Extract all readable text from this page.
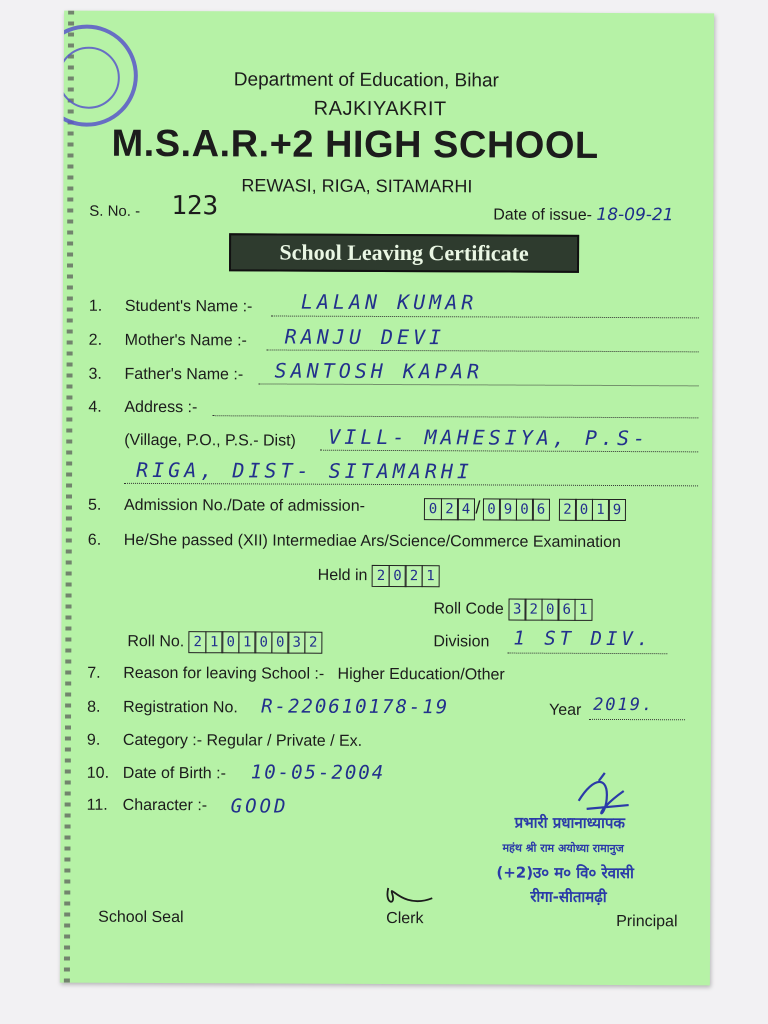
Department of Education, Bihar
RAJKIYAKRIT
M.S.A.R.+2 HIGH SCHOOL
REWASI, RIGA, SITAMARHI
S. No. - 123	Date of issue- 18-09-21
School Leaving Certificate
1. Student's Name :-	LALAN KUMAR
2. Mother's Name :-	RANJU DEVI
3. Father's Name :-	SANTOSH KAPAR
4. Address :-
(Village, P.O., P.S.- Dist)	VILL- MAHESIYA, P.S-
RIGA, DIST- SITAMARHI
5. Admission No./Date of admission-	0 2 4 / 0 9 0 6 2 0 1 9
6. He/She passed (XII) Intermediae Ars/Science/Commerce Examination
Held in 2 0 2 1
Roll Code 3 2 0 6 1
Roll No. 2 1 0 1 0 0 3 2	Division 1 ST DIV.
7. Reason for leaving School :- Higher Education/Other
8. Registration No.	R-220610178-19	Year 2019.
9. Category :- Regular / Private / Ex.
10. Date of Birth :-	10-05-2004
11. Character :-	GOOD
प्रभारी प्रधानाध्यापक
महंथ श्री राम अयोध्या रामानुज
(+2)उ० म० वि० रेवासी
रीगा-सीतामढ़ी
School Seal	Clerk	Principal
